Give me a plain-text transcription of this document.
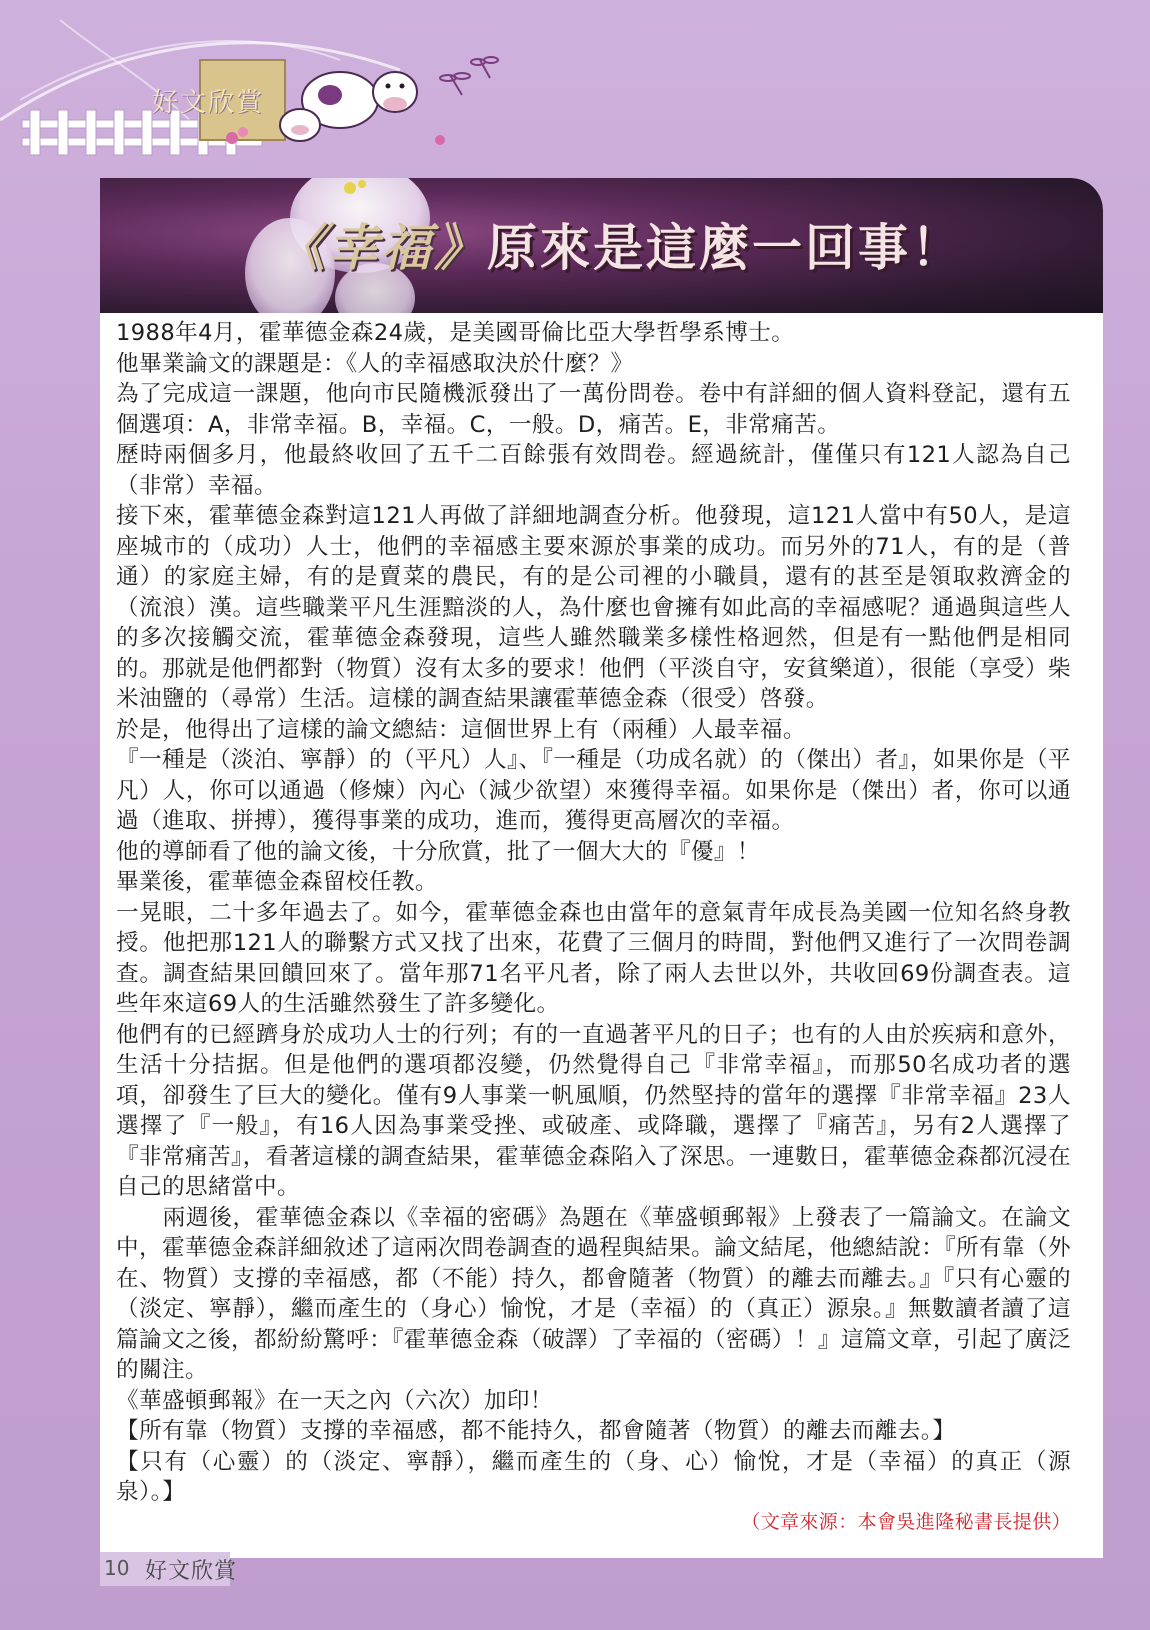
好文欣賞
《幸福》原來是這麼一回事！

1988年4月，霍華德金森24歲，是美國哥倫比亞大學哲學系博士。

他畢業論文的課題是：《人的幸福感取決於什麼？》

為了完成這一課題，他向市民隨機派發出了一萬份問卷。卷中有詳細的個人資料登記，還有五個選項：A，非常幸福。B，幸福。C，一般。D，痛苦。E，非常痛苦。

歷時兩個多月，他最終收回了五千二百餘張有效問卷。經過統計，僅僅只有121人認為自己（非常）幸福。

接下來，霍華德金森對這121人再做了詳細地調查分析。他發現，這121人當中有50人，是這座城市的（成功）人士，他們的幸福感主要來源於事業的成功。而另外的71人，有的是（普通）的家庭主婦，有的是賣菜的農民，有的是公司裡的小職員，還有的甚至是領取救濟金的（流浪）漢。這些職業平凡生涯黯淡的人，為什麼也會擁有如此高的幸福感呢？通過與這些人的多次接觸交流，霍華德金森發現，這些人雖然職業多樣性格迥然，但是有一點他們是相同的。那就是他們都對（物質）沒有太多的要求！他們（平淡自守，安貧樂道），很能（享受）柴米油鹽的（尋常）生活。這樣的調查結果讓霍華德金森（很受）啓發。

於是，他得出了這樣的論文總結：這個世界上有（兩種）人最幸福。

『一種是（淡泊、寧靜）的（平凡）人』、『一種是（功成名就）的（傑出）者』，如果你是（平凡）人，你可以通過（修煉）內心（減少欲望）來獲得幸福。如果你是（傑出）者，你可以通過（進取、拼搏），獲得事業的成功，進而，獲得更高層次的幸福。

他的導師看了他的論文後，十分欣賞，批了一個大大的『優』！

畢業後，霍華德金森留校任教。

一晃眼，二十多年過去了。如今，霍華德金森也由當年的意氣青年成長為美國一位知名終身教授。他把那121人的聯繫方式又找了出來，花費了三個月的時間，對他們又進行了一次問卷調查。調查結果回饋回來了。當年那71名平凡者，除了兩人去世以外，共收回69份調查表。這些年來這69人的生活雖然發生了許多變化。

他們有的已經躋身於成功人士的行列；有的一直過著平凡的日子；也有的人由於疾病和意外，生活十分拮据。但是他們的選項都沒變，仍然覺得自己『非常幸福』，而那50名成功者的選項，卻發生了巨大的變化。僅有9人事業一帆風順，仍然堅持的當年的選擇『非常幸福』23人選擇了『一般』，有16人因為事業受挫、或破產、或降職，選擇了『痛苦』，另有2人選擇了『非常痛苦』，看著這樣的調查結果，霍華德金森陷入了深思。一連數日，霍華德金森都沉浸在自己的思緒當中。

　　兩週後，霍華德金森以《幸福的密碼》為題在《華盛頓郵報》上發表了一篇論文。在論文中，霍華德金森詳細敘述了這兩次問卷調查的過程與結果。論文結尾，他總結說：『所有靠（外在、物質）支撐的幸福感，都（不能）持久，都會隨著（物質）的離去而離去。』『只有心靈的（淡定、寧靜），繼而產生的（身心）愉悅，才是（幸福）的（真正）源泉。』無數讀者讀了這篇論文之後，都紛紛驚呼：『霍華德金森（破譯）了幸福的（密碼）！』這篇文章，引起了廣泛的關注。

《華盛頓郵報》在一天之內（六次）加印！

【所有靠（物質）支撐的幸福感，都不能持久，都會隨著（物質）的離去而離去。】

【只有（心靈）的（淡定、寧靜），繼而產生的（身、心）愉悅，才是（幸福）的真正（源泉）。】

（文章來源：本會吳進隆秘書長提供）

10 好文欣賞
